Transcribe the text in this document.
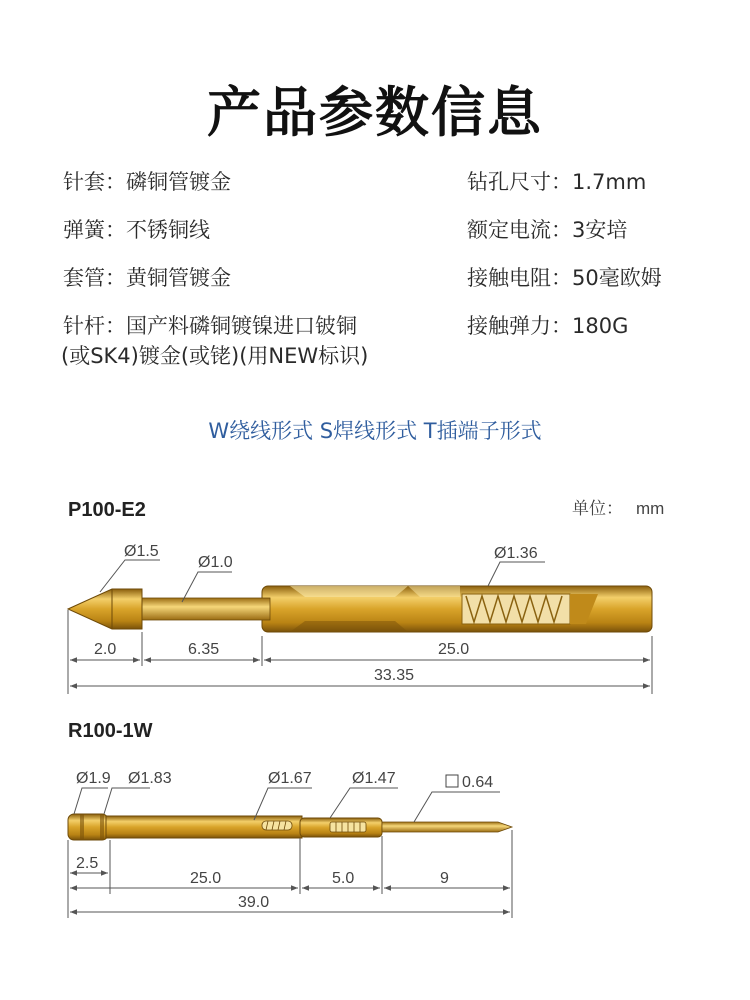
产品参数信息
针套：磷铜管镀金
弹簧：不锈铜线
套管：黄铜管镀金
针杆：国产料磷铜镀镍进口铍铜
(或SK4)镀金(或铑)(用NEW标识)
钻孔尺寸：1.7mm
额定电流：3安培
接触电阻：50毫欧姆
接触弹力：180G
W绕线形式 S焊线形式 T插端子形式
P100-E2	单位： mm
Ø1.5
Ø1.0
Ø1.36
2.0	6.35	25.0
33.35
R100-1W
Ø1.9 Ø1.83	Ø1.67	Ø1.47	0.64
2.5
25.0	5.0	9
39.0
